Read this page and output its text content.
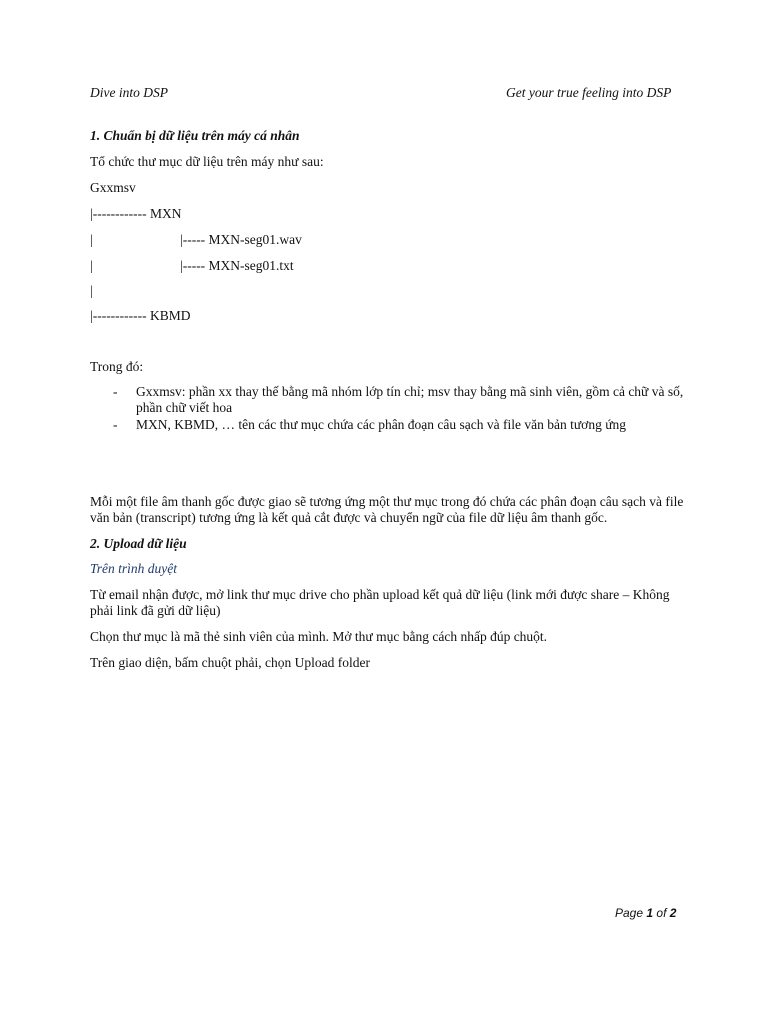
Dive into DSP	Get your true feeling into DSP
1. Chuẩn bị dữ liệu trên máy cá nhân
Tổ chức thư mục dữ liệu trên máy như sau:
Gxxmsv
|------------ MXN
|	|----- MXN-seg01.wav
|	|----- MXN-seg01.txt
|
|------------ KBMD
Trong đó:
- Gxxmsv: phần xx thay thế bằng mã nhóm lớp tín chỉ; msv thay bằng mã sinh viên, gồm cả chữ và số, phần chữ viết hoa
- MXN, KBMD, … tên các thư mục chứa các phân đoạn câu sạch và file văn bản tương ứng
Mỗi một file âm thanh gốc được giao sẽ tương ứng một thư mục trong đó chứa các phân đoạn câu sạch và file văn bản (transcript) tương ứng là kết quả cắt được và chuyển ngữ của file dữ liệu âm thanh gốc.
2. Upload dữ liệu
Trên trình duyệt
Từ email nhận được, mở link thư mục drive cho phần upload kết quả dữ liệu (link mới được share – Không phải link đã gửi dữ liệu)
Chọn thư mục là mã thẻ sinh viên của mình. Mở thư mục bằng cách nhấp đúp chuột.
Trên giao diện, bấm chuột phải, chọn Upload folder
Page 1 of 2
